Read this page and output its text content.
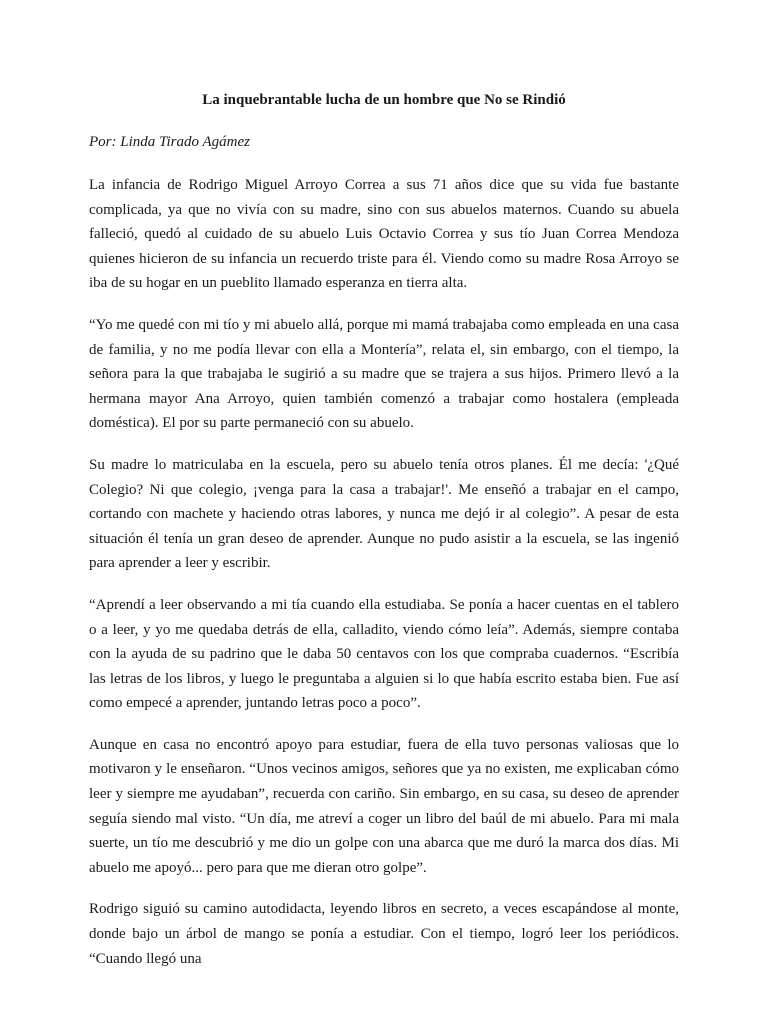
La inquebrantable lucha de un hombre que No se Rindió

Por: Linda Tirado Agámez

La infancia de Rodrigo Miguel Arroyo Correa a sus 71 años dice que su vida fue bastante complicada, ya que no vivía con su madre, sino con sus abuelos maternos. Cuando su abuela falleció, quedó al cuidado de su abuelo Luis Octavio Correa y sus tío Juan Correa Mendoza quienes hicieron de su infancia un recuerdo triste para él. Viendo como su madre Rosa Arroyo se iba de su hogar en un pueblito llamado esperanza en tierra alta.

“Yo me quedé con mi tío y mi abuelo allá, porque mi mamá trabajaba como empleada en una casa de familia, y no me podía llevar con ella a Montería”, relata el, sin embargo, con el tiempo, la señora para la que trabajaba le sugirió a su madre que se trajera a sus hijos. Primero llevó a la hermana mayor Ana Arroyo, quien también comenzó a trabajar como hostalera (empleada doméstica). El por su parte permaneció con su abuelo.

Su madre lo matriculaba en la escuela, pero su abuelo tenía otros planes. Él me decía: '¿Qué Colegio? Ni que colegio, ¡venga para la casa a trabajar!'. Me enseñó a trabajar en el campo, cortando con machete y haciendo otras labores, y nunca me dejó ir al colegio”. A pesar de esta situación él tenía un gran deseo de aprender. Aunque no pudo asistir a la escuela, se las ingenió para aprender a leer y escribir.

“Aprendí a leer observando a mi tía cuando ella estudiaba. Se ponía a hacer cuentas en el tablero o a leer, y yo me quedaba detrás de ella, calladito, viendo cómo leía”. Además, siempre contaba con la ayuda de su padrino que le daba 50 centavos con los que compraba cuadernos. “Escribía las letras de los libros, y luego le preguntaba a alguien si lo que había escrito estaba bien. Fue así como empecé a aprender, juntando letras poco a poco”.

Aunque en casa no encontró apoyo para estudiar, fuera de ella tuvo personas valiosas que lo motivaron y le enseñaron. “Unos vecinos amigos, señores que ya no existen, me explicaban cómo leer y siempre me ayudaban”, recuerda con cariño. Sin embargo, en su casa, su deseo de aprender seguía siendo mal visto. “Un día, me atreví a coger un libro del baúl de mi abuelo. Para mi mala suerte, un tío me descubrió y me dio un golpe con una abarca que me duró la marca dos días. Mi abuelo me apoyó... pero para que me dieran otro golpe”.

Rodrigo siguió su camino autodidacta, leyendo libros en secreto, a veces escapándose al monte, donde bajo un árbol de mango se ponía a estudiar. Con el tiempo, logró leer los periódicos. “Cuando llegó una
